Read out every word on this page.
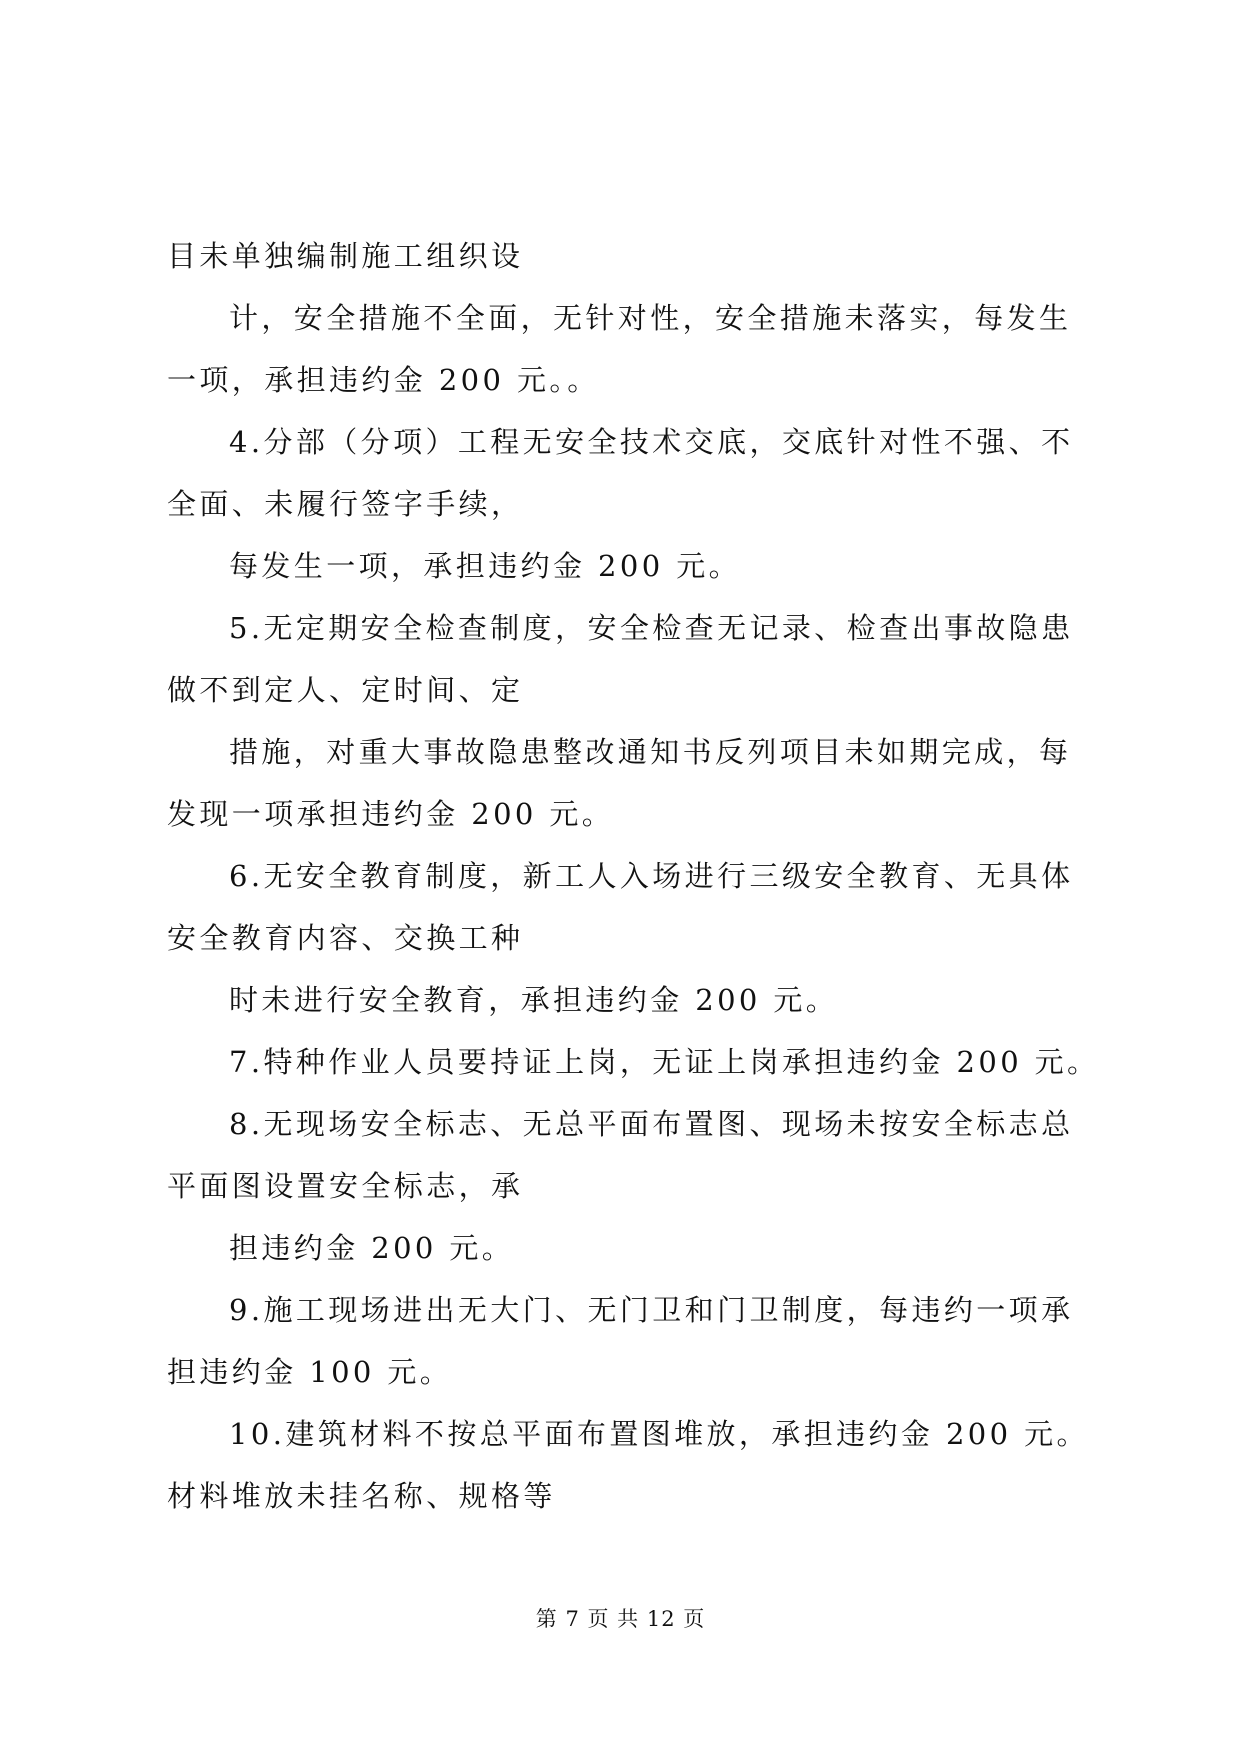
目未单独编制施工组织设
计，安全措施不全面，无针对性，安全措施未落实，每发生
一项，承担违约金 200 元。。
4.分部（分项）工程无安全技术交底，交底针对性不强、不
全面、未履行签字手续，
每发生一项，承担违约金 200 元。
5.无定期安全检查制度，安全检查无记录、检查出事故隐患
做不到定人、定时间、定
措施，对重大事故隐患整改通知书反列项目未如期完成，每
发现一项承担违约金 200 元。
6.无安全教育制度，新工人入场进行三级安全教育、无具体
安全教育内容、交换工种
时未进行安全教育，承担违约金 200 元。
7.特种作业人员要持证上岗，无证上岗承担违约金 200 元。
8.无现场安全标志、无总平面布置图、现场未按安全标志总
平面图设置安全标志，承
担违约金 200 元。
9.施工现场进出无大门、无门卫和门卫制度，每违约一项承
担违约金 100 元。
10.建筑材料不按总平面布置图堆放，承担违约金 200 元。
材料堆放未挂名称、规格等
第 7 页 共 12 页
